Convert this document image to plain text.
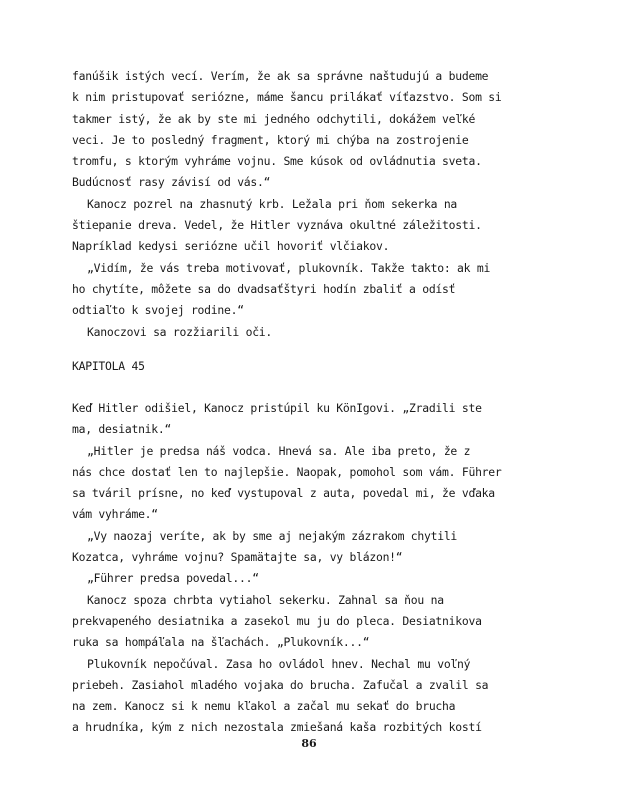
fanúšik istých vecí. Verím, že ak sa správne naštudujú a budeme
k nim pristupovať seriózne, máme šancu prilákať víťazstvo. Som si
takmer istý, že ak by ste mi jedného odchytili, dokážem veľké
veci. Je to posledný fragment, ktorý mi chýba na zostrojenie
tromfu, s ktorým vyhráme vojnu. Sme kúsok od ovládnutia sveta.
Budúcnosť rasy závisí od vás.“
Kanocz pozrel na zhasnutý krb. Ležala pri ňom sekerka na
štiepanie dreva. Vedel, že Hitler vyznáva okultné záležitosti.
Napríklad kedysi seriózne učil hovoriť vlčiakov.
„Vidím, že vás treba motivovať, plukovník. Takže takto: ak mi
ho chytíte, môžete sa do dvadsaťštyri hodín zbaliť a odísť
odtiaľto k svojej rodine.“
Kanoczovi sa rozžiarili oči.
KAPITOLA 45
Keď Hitler odišiel, Kanocz pristúpil ku KönIgovi. „Zradili ste
ma, desiatnik.“
„Hitler je predsa náš vodca. Hnevá sa. Ale iba preto, že z
nás chce dostať len to najlepšie. Naopak, pomohol som vám. Führer
sa tváril prísne, no keď vystupoval z auta, povedal mi, že vďaka
vám vyhráme.“
„Vy naozaj veríte, ak by sme aj nejakým zázrakom chytili
Kozatca, vyhráme vojnu? Spamätajte sa, vy blázon!“
„Führer predsa povedal...“
Kanocz spoza chrbta vytiahol sekerku. Zahnal sa ňou na
prekvapeného desiatnika a zasekol mu ju do pleca. Desiatnikova
ruka sa hompáľala na šľachách. „Plukovník...“
Plukovník nepočúval. Zasa ho ovládol hnev. Nechal mu voľný
priebeh. Zasiahol mladého vojaka do brucha. Zafučal a zvalil sa
na zem. Kanocz si k nemu kľakol a začal mu sekať do brucha
a hrudníka, kým z nich nezostala zmiešaná kaša rozbitých kostí
86
